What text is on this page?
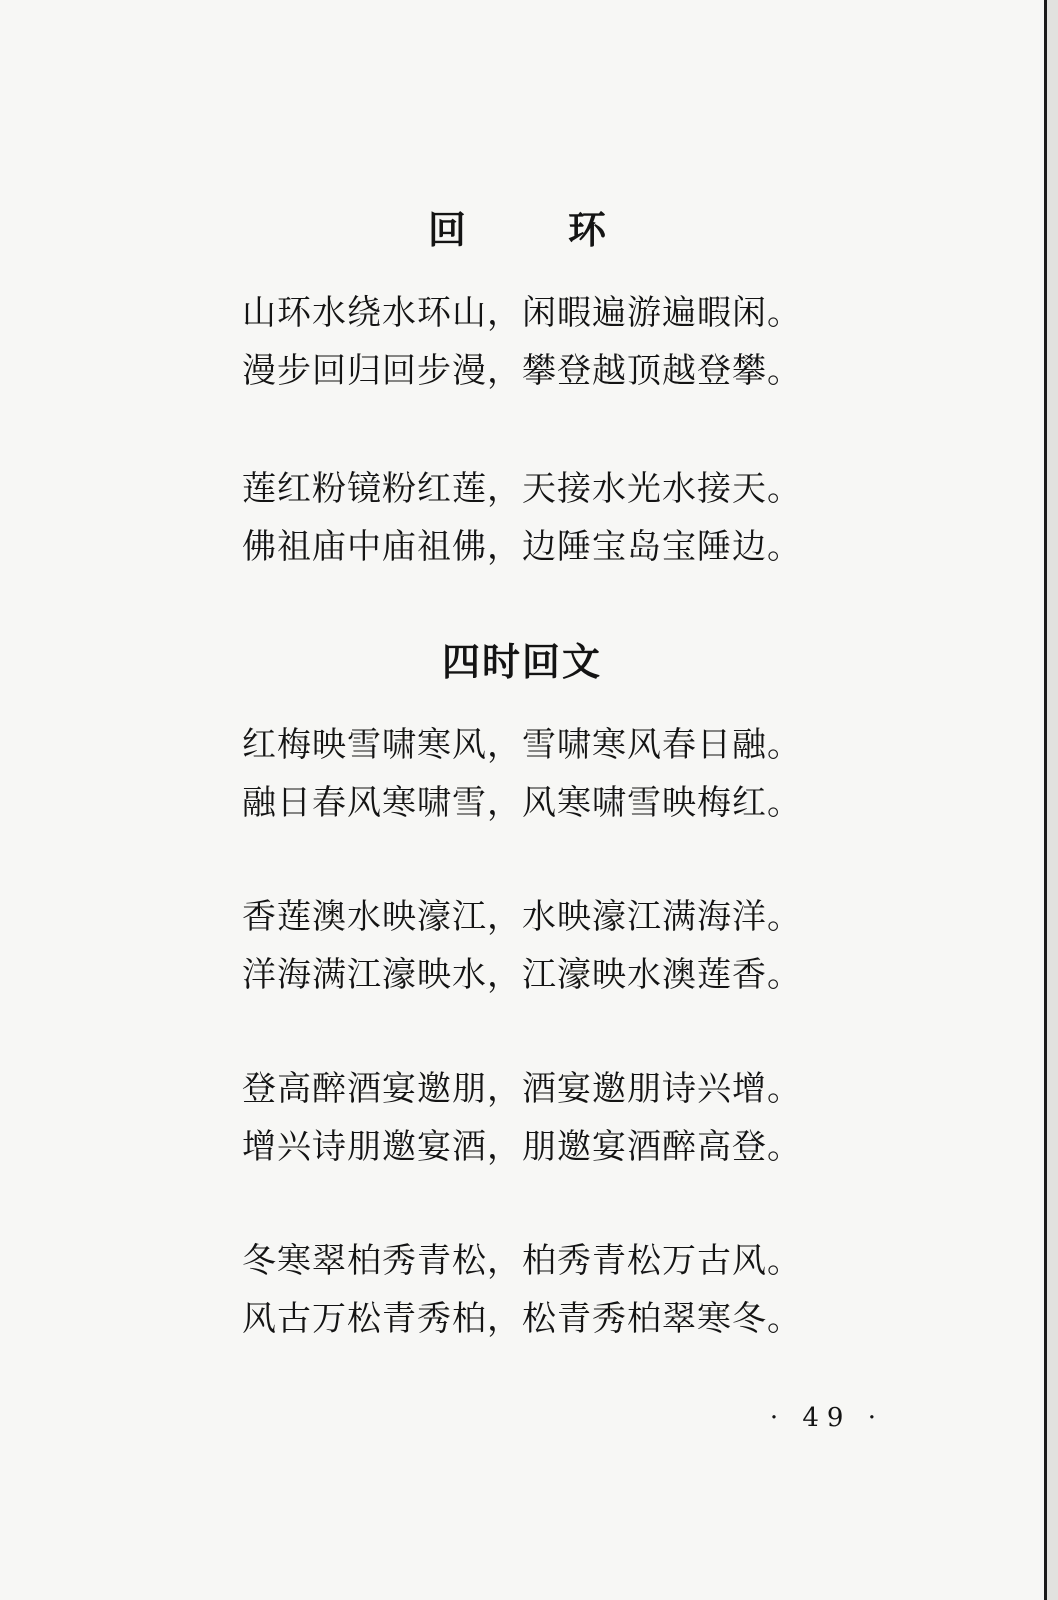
回　环
山环水绕水环山，闲暇遍游遍暇闲。
漫步回归回步漫，攀登越顶越登攀。
莲红粉镜粉红莲，天接水光水接天。
佛祖庙中庙祖佛，边陲宝岛宝陲边。
四时回文
红梅映雪啸寒风，雪啸寒风春日融。
融日春风寒啸雪，风寒啸雪映梅红。
香莲澳水映濠江，水映濠江满海洋。
洋海满江濠映水，江濠映水澳莲香。
登高醉酒宴邀朋，酒宴邀朋诗兴增。
增兴诗朋邀宴酒，朋邀宴酒醉高登。
冬寒翠柏秀青松，柏秀青松万古风。
风古万松青秀柏，松青秀柏翠寒冬。
· 49 ·
